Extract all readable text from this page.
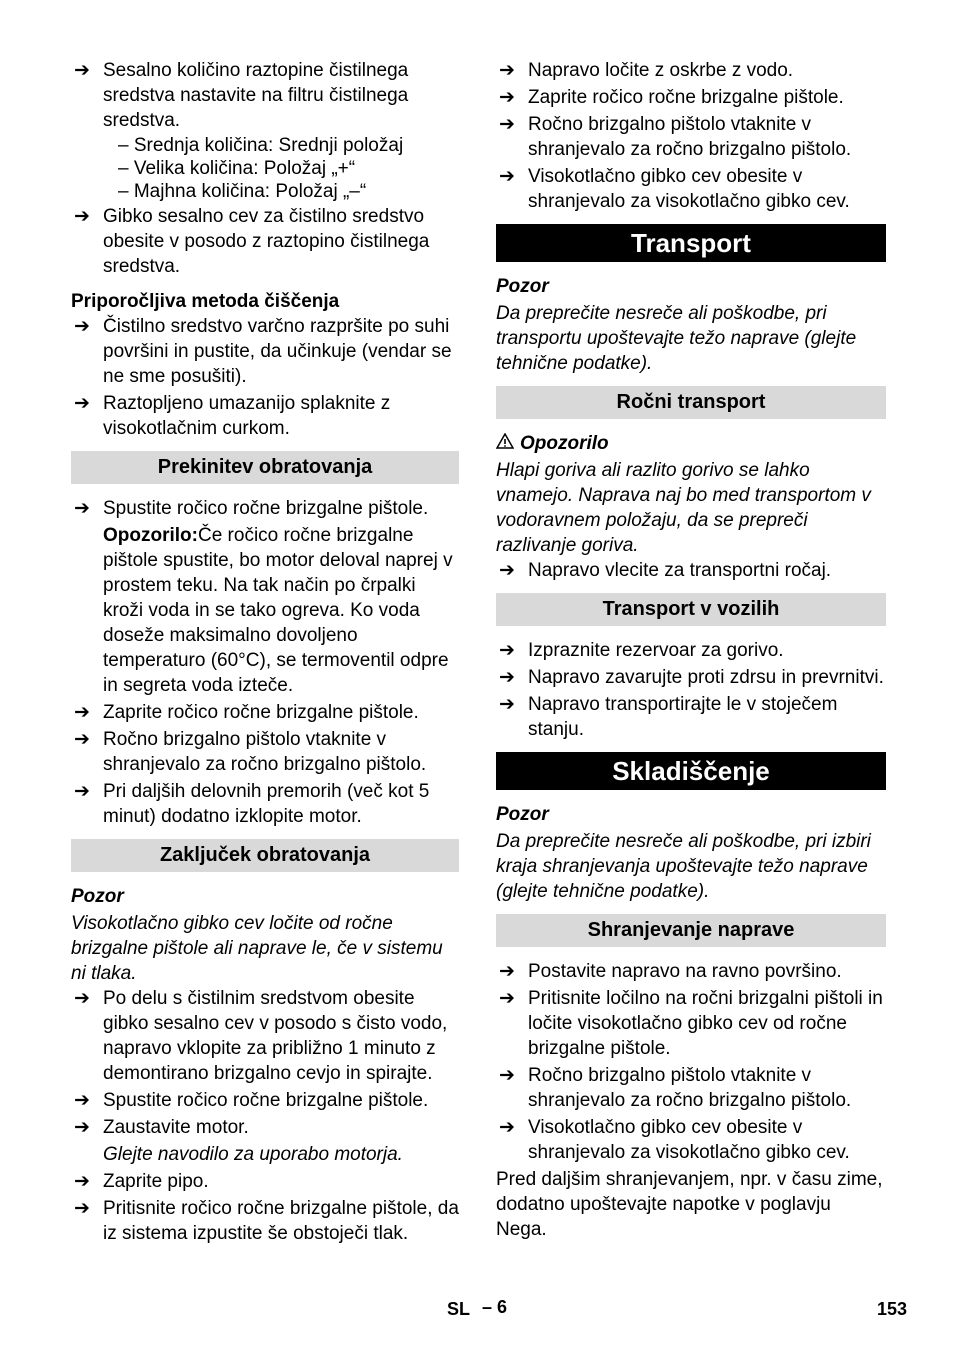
➔ Sesalno količino raztopine čistilnega sredstva nastavite na filtru čistilnega sredstva.
– Srednja količina: Srednji položaj
– Velika količina: Položaj „+“
– Majhna količina: Položaj „–“
➔ Gibko sesalno cev za čistilno sredstvo obesite v posodo z raztopino čistilnega sredstva.
Priporočljiva metoda čiščenja
➔ Čistilno sredstvo varčno razpršite po suhi površini in pustite, da učinkuje (vendar se ne sme posušiti).
➔ Raztopljeno umazanijo splaknite z visokotlačnim curkom.
Prekinitev obratovanja
➔ Spustite ročico ročne brizgalne pištole.
Opozorilo:Če ročico ročne brizgalne pištole spustite, bo motor deloval naprej v prostem teku. Na tak način po črpalki kroži voda in se tako ogreva. Ko voda doseže maksimalno dovoljeno temperaturo (60°C), se termoventil odpre in segreta voda izteče.
➔ Zaprite ročico ročne brizgalne pištole.
➔ Ročno brizgalno pištolo vtaknite v shranjevalo za ročno brizgalno pištolo.
➔ Pri daljših delovnih premorih (več kot 5 minut) dodatno izklopite motor.
Zaključek obratovanja
Pozor
Visokotlačno gibko cev ločite od ročne brizgalne pištole ali naprave le, če v sistemu ni tlaka.
➔ Po delu s čistilnim sredstvom obesite gibko sesalno cev v posodo s čisto vodo, napravo vklopite za približno 1 minuto z demontirano brizgalno cevjo in spirajte.
➔ Spustite ročico ročne brizgalne pištole.
➔ Zaustavite motor.
Glejte navodilo za uporabo motorja.
➔ Zaprite pipo.
➔ Pritisnite ročico ročne brizgalne pištole, da iz sistema izpustite še obstoječi tlak.
➔ Napravo ločite z oskrbe z vodo.
➔ Zaprite ročico ročne brizgalne pištole.
➔ Ročno brizgalno pištolo vtaknite v shranjevalo za ročno brizgalno pištolo.
➔ Visokotlačno gibko cev obesite v shranjevalo za visokotlačno gibko cev.
Transport
Pozor
Da preprečite nesreče ali poškodbe, pri transportu upoštevajte težo naprave (glejte tehnične podatke).
Ročni transport
Opozorilo
Hlapi goriva ali razlito gorivo se lahko vnamejo. Naprava naj bo med transportom v vodoravnem položaju, da se prepreči razlivanje goriva.
➔ Napravo vlecite za transportni ročaj.
Transport v vozilih
➔ Izpraznite rezervoar za gorivo.
➔ Napravo zavarujte proti zdrsu in prevrnitvi.
➔ Napravo transportirajte le v stoječem stanju.
Skladiščenje
Pozor
Da preprečite nesreče ali poškodbe, pri izbiri kraja shranjevanja upoštevajte težo naprave (glejte tehnične podatke).
Shranjevanje naprave
➔ Postavite napravo na ravno površino.
➔ Pritisnite ločilno na ročni brizgalni pištoli in ločite visokotlačno gibko cev od ročne brizgalne pištole.
➔ Ročno brizgalno pištolo vtaknite v shranjevalo za ročno brizgalno pištolo.
➔ Visokotlačno gibko cev obesite v shranjevalo za visokotlačno gibko cev.
Pred daljšim shranjevanjem, npr. v času zime, dodatno upoštevajte napotke v poglavju Nega.
SL – 6	153
